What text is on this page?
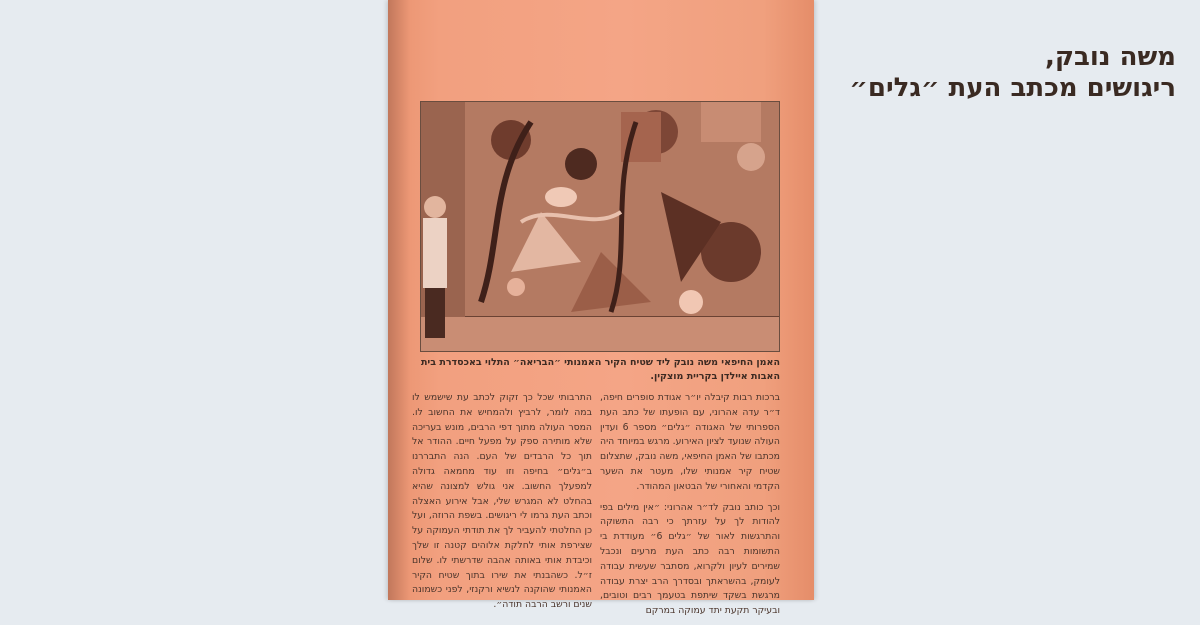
משה נובק,
ריגושים מכתב העת ״גלים״
האמן החיפאי משה נובק ליד שטיח הקיר האמנותי ״הבריאה״ התלוי באכסדרת בית האבות איילדן בקריית מוצקין.

ברכות רבות קיבלה יו״ר אגודת סופרים חיפה, ד״ר עדה אהרוני, עם הופעתו של כתב העת הספרותי של האגודה ״גלים״ מספר 6 ועדין העולה שנועד לציון האירוע. מרגש במיוחד היה מכתבו של האמן החיפאי, משה נובק, שתצלום שטיח קיר אמנותי שלו, מעטר את השער הקדמי והאחורי של הבטאון המהודר.

וכך כותב נובק לד״ר אהרוני: ״אין מילים בפי להודות לך על עזרתך כי רבה התשוקה והתרגשות לאור של ״גלים 6״ מעודדת בי התשומות רבה כתב העת מרעים ונכבל שמירים לעיון ולקרוא, מסתבר שעשית עבודה לעומק, בהשראתך ובסדרך הרב יצרת עבודה מרגשת בשקד שיתפת בטעמך רבים וטובים, ובעיקר תקעת יתד עמוקה במרקם

התרבותי שכל כך זקוק לכתב עת שישמש לו במה לומר, לרביץ ולהמחיש את החשוב לו. המסר העולה מתוך דפי הרבים, מונש בעריכה שלא מותירה ספק על מפעל חיים. ההודר אל תוך כל הרבדים של העם. הנה התבררנו ב״גלים״ בחיפה וזו עוד מחמאה גדולה למפעלך החשוב. אני גולש למצונה שהיא בהחלט לא המגרש שלי, אבל אירוע האצלה וכתב העת גרמו לי ריגושים. בשפת הרוזה, ועל כן החלטתי להעביר לך את תודתי העמוקה על שצירפת אותי לחלקת אלוהים קטנה זו שלך וכיבדת אותי באותה אהבה שדרשתי לו. שלום ז״ל. כשהבנתי את שירו בתוך שטיח הקיר האמנותי שהוקנה לנשיא ורקנזי, לפני כשמונה שנים ורשב הרבה תודה״.
